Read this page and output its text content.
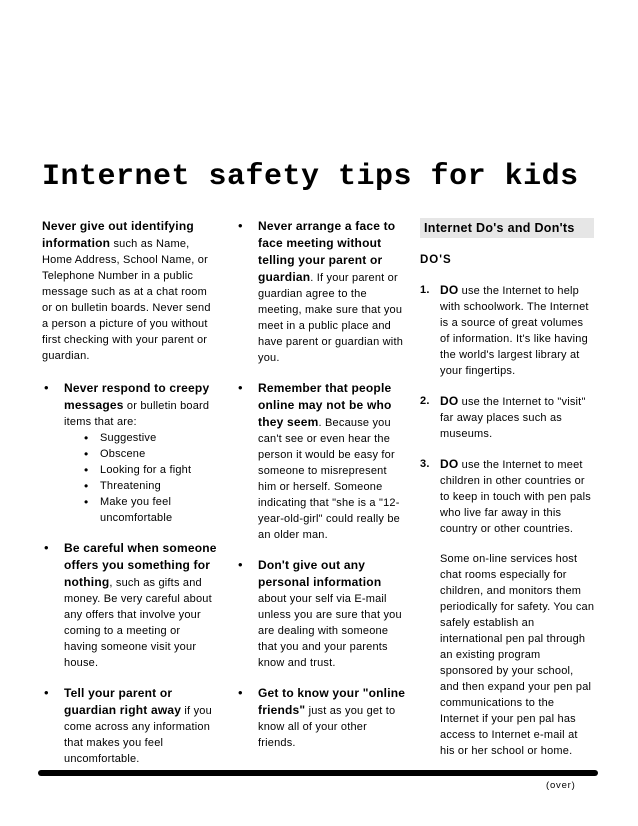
Internet safety tips for kids

Never give out identifying information such as Name, Home Address, School Name, or Telephone Number in a public message such as at a chat room or on bulletin boards. Never send a person a picture of you without first checking with your parent or guardian.

• Never respond to creepy messages or bulletin board items that are:
• Suggestive
• Obscene
• Looking for a fight
• Threatening
• Make you feel uncomfortable
• Be careful when someone offers you something for nothing, such as gifts and money. Be very careful about any offers that involve your coming to a meeting or having someone visit your house.
• Tell your parent or guardian right away if you come across any information that makes you feel uncomfortable.
• Never arrange a face to face meeting without telling your parent or guardian. If your parent or guardian agree to the meeting, make sure that you meet in a public place and have parent or guardian with you.
• Remember that people online may not be who they seem. Because you can't see or even hear the person it would be easy for someone to misrepresent him or herself. Someone indicating that "she is a "12-year-old-girl" could really be an older man.
• Don't give out any personal information about your self via E-mail unless you are sure that you are dealing with someone that you and your parents know and trust.
• Get to know your "online friends" just as you get to know all of your other friends.
Internet Do's and Don'ts

DO'S

1. DO use the Internet to help with schoolwork. The Internet is a source of great volumes of information. It's like having the world's largest library at your fingertips.
2. DO use the Internet to "visit" far away places such as museums.
3. DO use the Internet to meet children in other countries or to keep in touch with pen pals who live far away in this country or other countries.

Some on-line services host chat rooms especially for children, and monitors them periodically for safety. You can safely establish an international pen pal through an existing program sponsored by your school, and then expand your pen pal communications to the Internet if your pen pal has access to Internet e-mail at his or her school or home.

(over)
